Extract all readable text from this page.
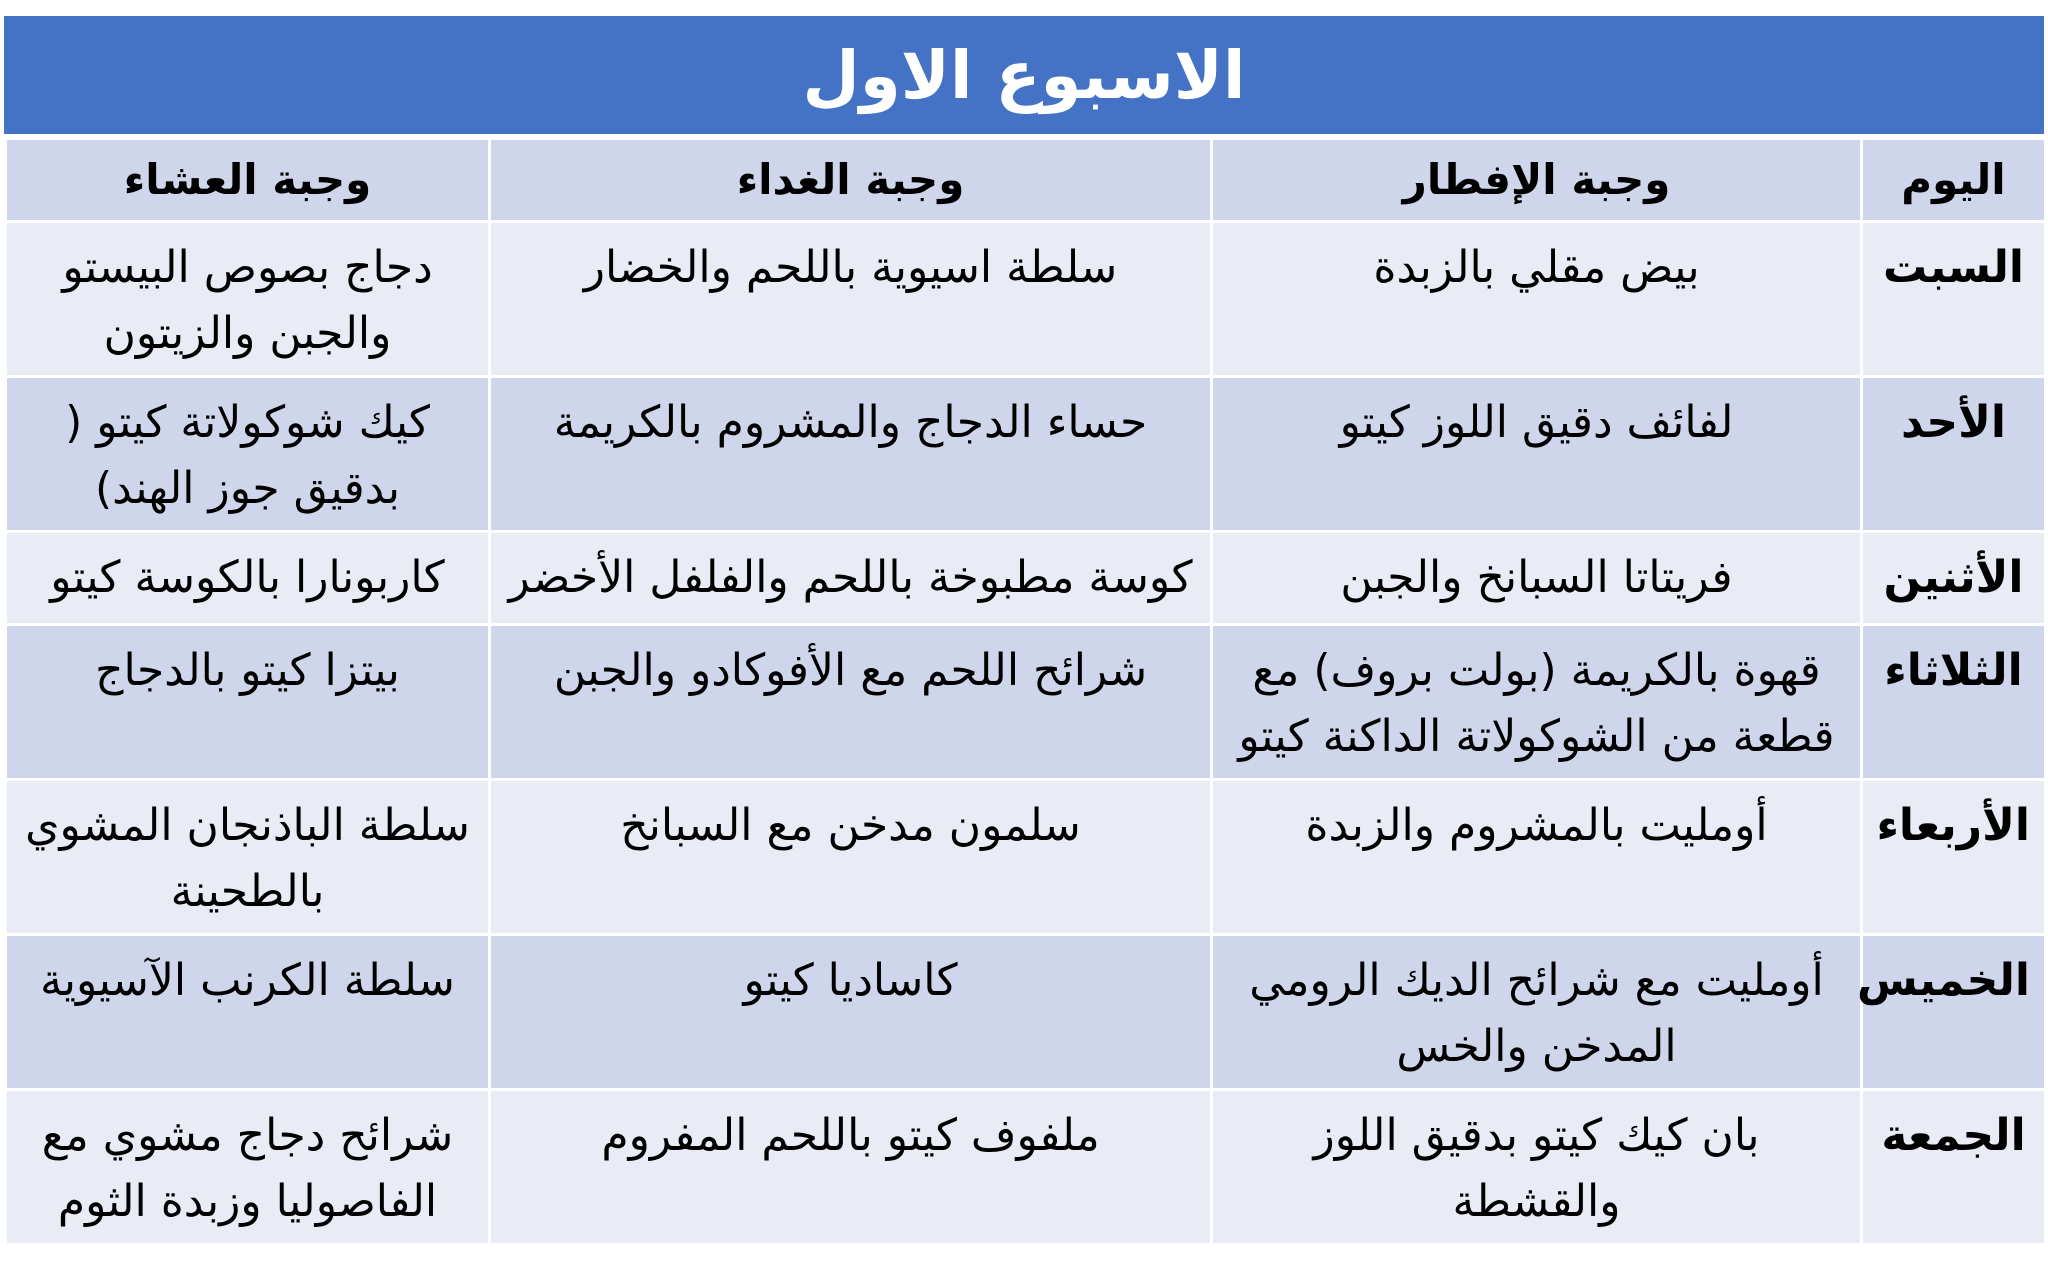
الاسبوع الاول
اليوم	وجبة الإفطار	وجبة الغداء	وجبة العشاء
السبت	بيض مقلي بالزبدة	سلطة اسيوية باللحم والخضار	دجاج بصوص البيستو والجبن والزيتون
الأحد	لفائف دقيق اللوز كيتو	حساء الدجاج والمشروم بالكريمة	كيك شوكولاتة كيتو ( بدقيق جوز الهند)
الأثنين	فريتاتا السبانخ والجبن	كوسة مطبوخة باللحم والفلفل الأخضر	كاربونارا بالكوسة كيتو
الثلاثاء	قهوة بالكريمة (بولت بروف) مع قطعة من الشوكولاتة الداكنة كيتو	شرائح اللحم مع الأفوكادو والجبن	بيتزا كيتو بالدجاج
الأربعاء	أومليت بالمشروم والزبدة	سلمون مدخن مع السبانخ	سلطة الباذنجان المشوي بالطحينة
الخميس	أومليت مع شرائح الديك الرومي المدخن والخس	كاساديا كيتو	سلطة الكرنب الآسيوية
الجمعة	بان كيك كيتو بدقيق اللوز والقشطة	ملفوف كيتو باللحم المفروم	شرائح دجاج مشوي مع الفاصوليا وزبدة الثوم
